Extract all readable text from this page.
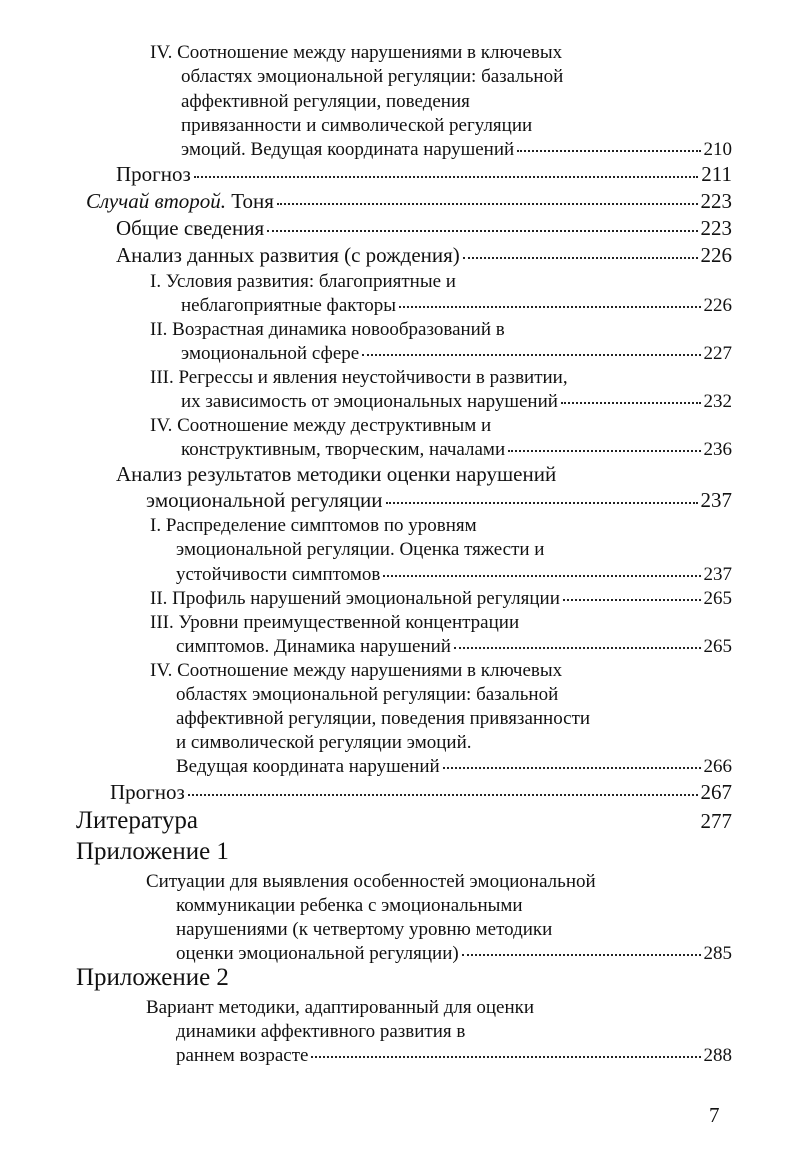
IV. Соотношение между нарушениями в ключевых
областях эмоциональной регуляции: базальной
аффективной регуляции, поведения
привязанности и символической регуляции
эмоций. Ведущая координата нарушений	210
Прогноз	211
Случай второй. Тоня	223
Общие сведения	223
Анализ данных развития (с рождения)	226
I. Условия развития: благоприятные и
неблагоприятные факторы	226
II. Возрастная динамика новообразований в
эмоциональной сфере	227
III. Регрессы и явления неустойчивости в развитии,
их зависимость от эмоциональных нарушений	232
IV. Соотношение между деструктивным и
конструктивным, творческим, началами	236
Анализ результатов методики оценки нарушений
эмоциональной регуляции	237
I. Распределение симптомов по уровням
эмоциональной регуляции. Оценка тяжести и
устойчивости симптомов	237
II. Профиль нарушений эмоциональной регуляции	265
III. Уровни преимущественной концентрации
симптомов. Динамика нарушений	265
IV. Соотношение между нарушениями в ключевых
областях эмоциональной регуляции: базальной
аффективной регуляции, поведения привязанности
и символической регуляции эмоций.
Ведущая координата нарушений	266
Прогноз	267
Литература	277
Приложение 1
Ситуации для выявления особенностей эмоциональной
коммуникации ребенка с эмоциональными
нарушениями (к четвертому уровню методики
оценки эмоциональной регуляции)	285
Приложение 2
Вариант методики, адаптированный для оценки
динамики аффективного развития в
раннем возрасте	288
7
